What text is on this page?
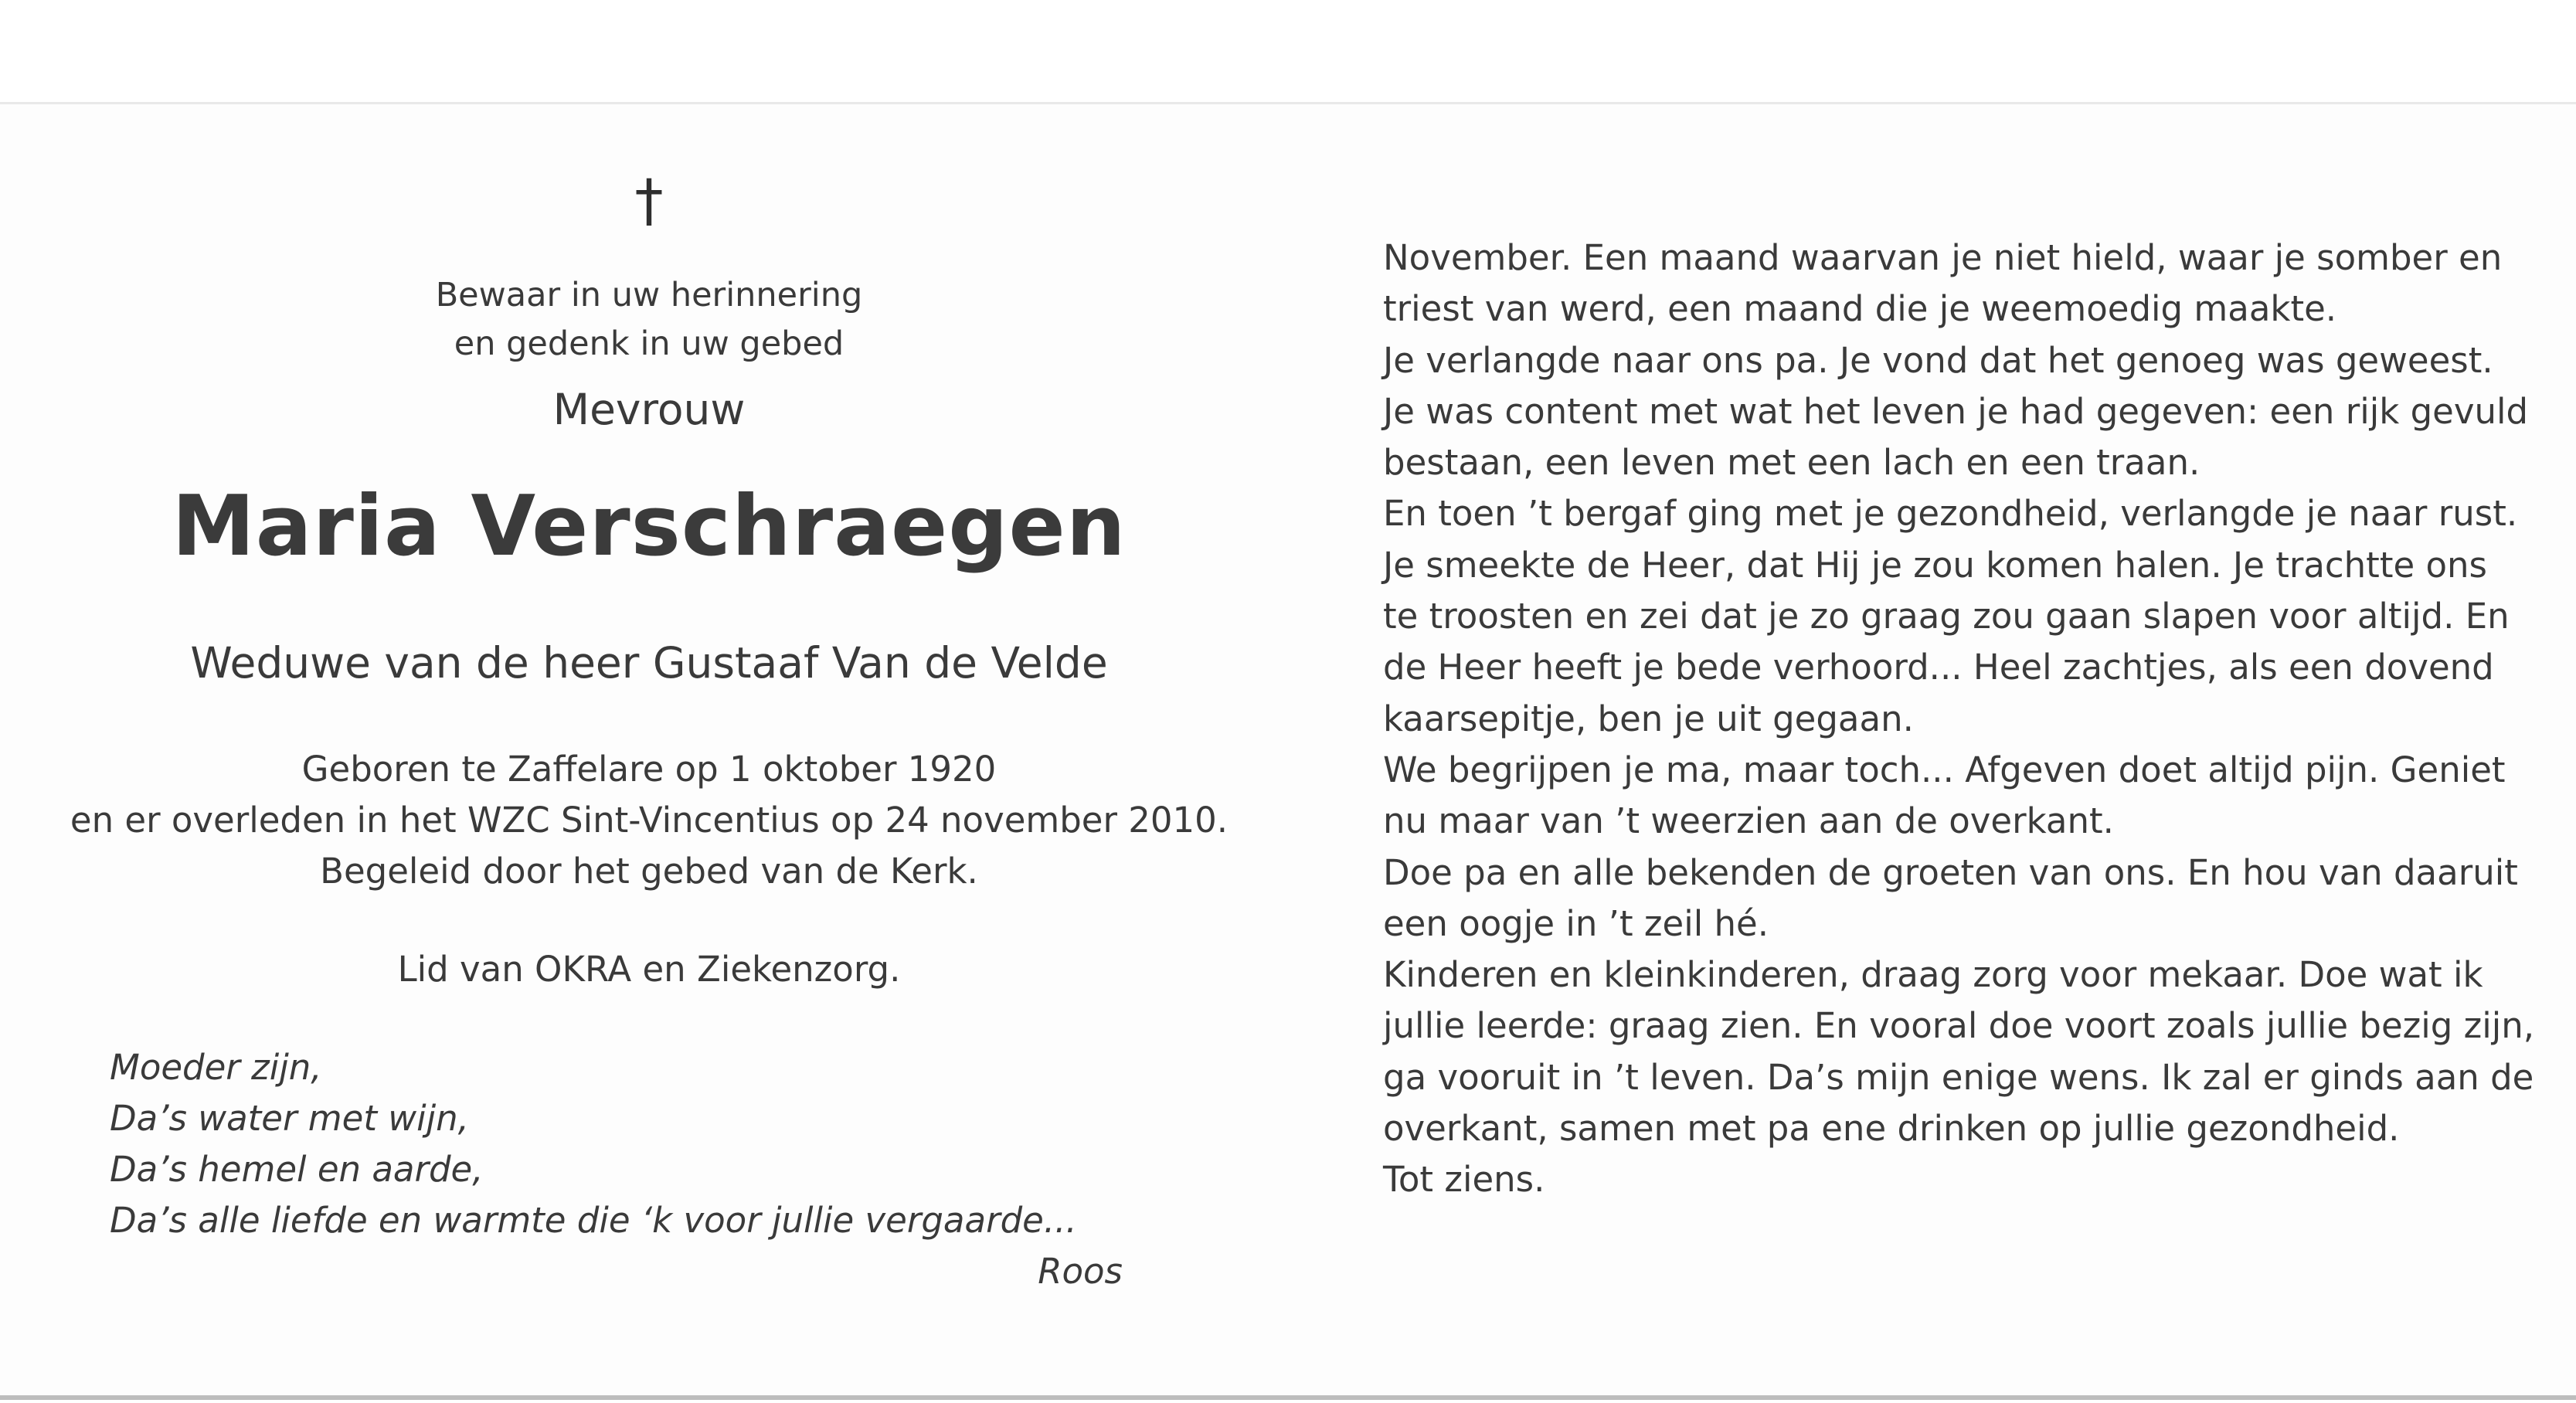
†
Bewaar in uw herinnering
en gedenk in uw gebed
Mevrouw
Maria Verschraegen
Weduwe van de heer Gustaaf Van de Velde
Geboren te Zaffelare op 1 oktober 1920
en er overleden in het WZC Sint-Vincentius op 24 november 2010.
Begeleid door het gebed van de Kerk.
Lid van OKRA en Ziekenzorg.
Moeder zijn,
Da’s water met wijn,
Da’s hemel en aarde,
Da’s alle liefde en warmte die ‘k voor jullie vergaarde...
Roos
November. Een maand waarvan je niet hield, waar je somber en
triest van werd, een maand die je weemoedig maakte.
Je verlangde naar ons pa. Je vond dat het genoeg was geweest.
Je was content met wat het leven je had gegeven: een rijk gevuld
bestaan, een leven met een lach en een traan.
En toen ’t bergaf ging met je gezondheid, verlangde je naar rust.
Je smeekte de Heer, dat Hij je zou komen halen. Je trachtte ons
te troosten en zei dat je zo graag zou gaan slapen voor altijd. En
de Heer heeft je bede verhoord... Heel zachtjes, als een dovend
kaarsepitje, ben je uit gegaan.
We begrijpen je ma, maar toch... Afgeven doet altijd pijn. Geniet
nu maar van ’t weerzien aan de overkant.
Doe pa en alle bekenden de groeten van ons. En hou van daaruit
een oogje in ’t zeil hé.
Kinderen en kleinkinderen, draag zorg voor mekaar. Doe wat ik
jullie leerde: graag zien. En vooral doe voort zoals jullie bezig zijn,
ga vooruit in ’t leven. Da’s mijn enige wens. Ik zal er ginds aan de
overkant, samen met pa ene drinken op jullie gezondheid.
Tot ziens.
